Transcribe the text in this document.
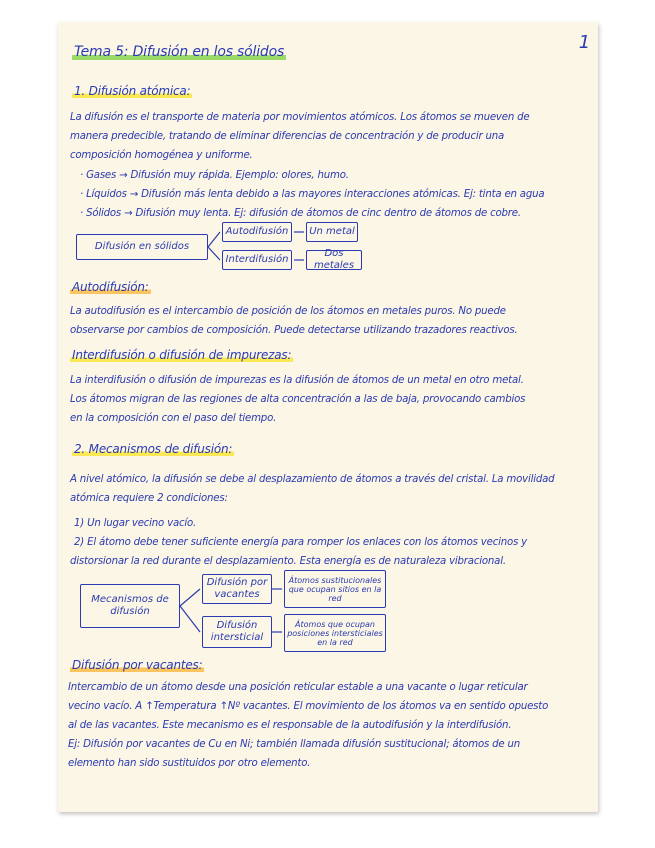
1
Tema 5: Difusión en los sólidos
1. Difusión atómica:
La difusión es el transporte de materia por movimientos atómicos. Los átomos se mueven de
manera predecible, tratando de eliminar diferencias de concentración y de producir una
composición homogénea y uniforme.
· Gases → Difusión muy rápida. Ejemplo: olores, humo.
· Líquidos → Difusión más lenta debido a las mayores interacciones atómicas. Ej: tinta en agua
· Sólidos → Difusión muy lenta. Ej: difusión de átomos de cinc dentro de átomos de cobre.
Difusión en sólidos
Autodifusión	Un metal
Interdifusión
Dos metales
Autodifusión:
La autodifusión es el intercambio de posición de los átomos en metales puros. No puede
observarse por cambios de composición. Puede detectarse utilizando trazadores reactivos.
Interdifusión o difusión de impurezas:
La interdifusión o difusión de impurezas es la difusión de átomos de un metal en otro metal.
Los átomos migran de las regiones de alta concentración a las de baja, provocando cambios
en la composición con el paso del tiempo.
2. Mecanismos de difusión:
A nivel atómico, la difusión se debe al desplazamiento de átomos a través del cristal. La movilidad
atómica requiere 2 condiciones:
1) Un lugar vecino vacío.
2) El átomo debe tener suficiente energía para romper los enlaces con los átomos vecinos y
distorsionar la red durante el desplazamiento. Esta energía es de naturaleza vibracional.
Mecanismos de difusión
Difusión por vacantes
Átomos sustitucionales que ocupan sitios en la red
Difusión intersticial
Átomos que ocupan posiciones intersticiales en la red
Difusión por vacantes:
Intercambio de un átomo desde una posición reticular estable a una vacante o lugar reticular
vecino vacío. A ↑Temperatura ↑Nº vacantes. El movimiento de los átomos va en sentido opuesto
al de las vacantes. Este mecanismo es el responsable de la autodifusión y la interdifusión.
Ej: Difusión por vacantes de Cu en Ni; también llamada difusión sustitucional; átomos de un
elemento han sido sustituidos por otro elemento.
